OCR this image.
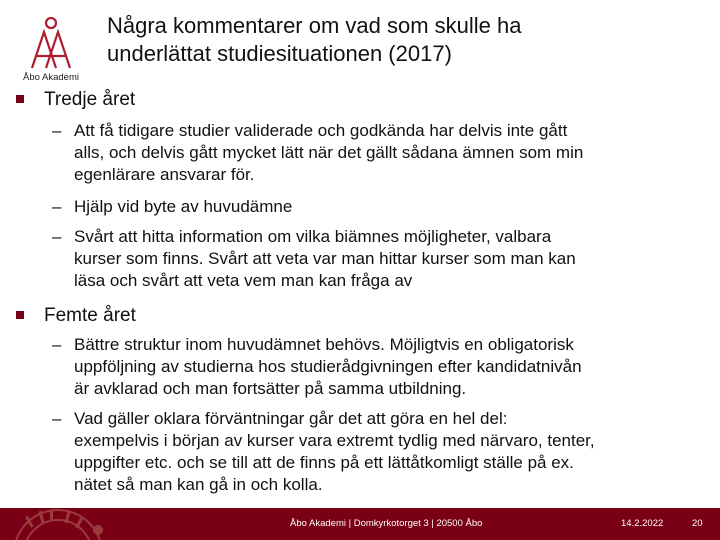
Åbo Akademi
Några kommentarer om vad som skulle ha
underlättat studiesituationen (2017)
Tredje året
– Att få tidigare studier validerade och godkända har delvis inte gått
alls, och delvis gått mycket lätt när det gällt sådana ämnen som min
egenlärare ansvarar för.
– Hjälp vid byte av huvudämne
– Svårt att hitta information om vilka biämnes möjligheter, valbara
kurser som finns. Svårt att veta var man hittar kurser som man kan
läsa och svårt att veta vem man kan fråga av
Femte året
– Bättre struktur inom huvudämnet behövs. Möjligtvis en obligatorisk
uppföljning av studierna hos studierådgivningen efter kandidatnivån
är avklarad och man fortsätter på samma utbildning.
– Vad gäller oklara förväntningar går det att göra en hel del:
exempelvis i början av kurser vara extremt tydlig med närvaro, tenter,
uppgifter etc. och se till att de finns på ett lättåtkomligt ställe på ex.
nätet så man kan gå in och kolla.
Åbo Akademi | Domkyrkotorget 3 | 20500 Åbo	14.2.2022	20
